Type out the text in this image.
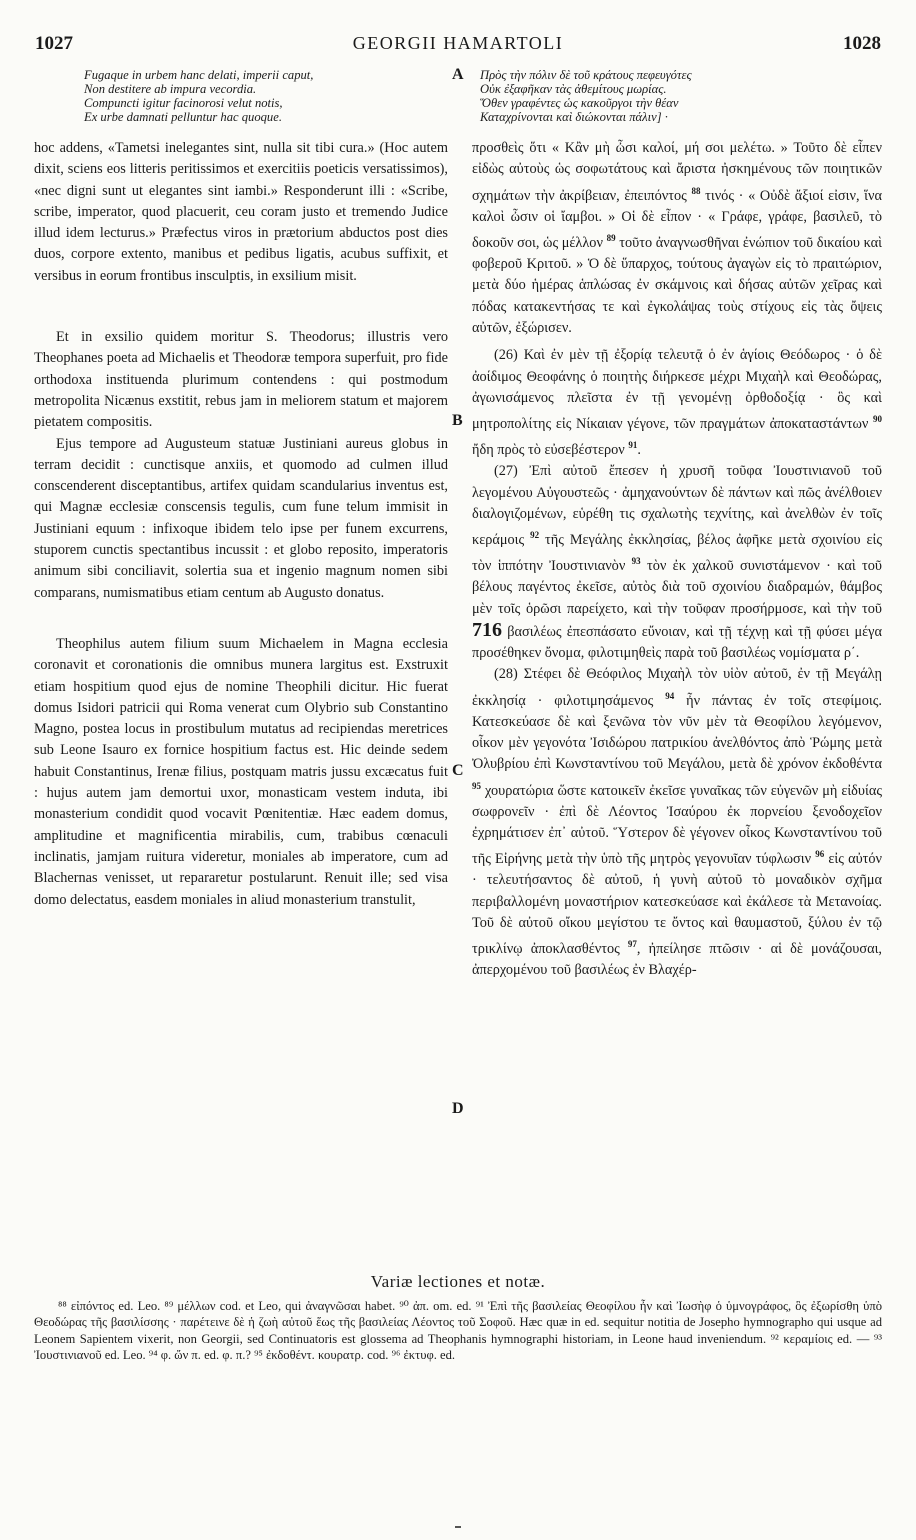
1027	GEORGII HAMARTOLI	1028
A
B
C
D
Fugaque in urbem hanc delati, imperii caput,
Non destitere ab impura vecordia.
Compuncti igitur facinorosi velut notis,
Ex urbe damnati pelluntur hac quoque.

hoc addens, «Tametsi inelegantes sint, nulla sit tibi cura.» (Hoc autem dixit, sciens eos litteris peritissimos et exercitiis poeticis versatissimos), «nec digni sunt ut elegantes sint iambi.» Responderunt illi : «Scribe, scribe, imperator, quod placuerit, ceu coram justo et tremendo Judice illud idem lecturus.» Præfectus viros in prætorium abductos post dies duos, corpore extento, manibus et pedibus ligatis, acubus suffixit, et versibus in eorum frontibus insculptis, in exsilium misit.

Et in exsilio quidem moritur S. Theodorus; illustris vero Theophanes poeta ad Michaelis et Theodoræ tempora superfuit, pro fide orthodoxa instituenda plurimum contendens : qui postmodum metropolita Nicænus exstitit, rebus jam in meliorem statum et majorem pietatem compositis.

Ejus tempore ad Augusteum statuæ Justiniani aureus globus in terram decidit : cunctisque anxiis, et quomodo ad culmen illud conscenderent disceptantibus, artifex quidam scandularius inventus est, qui Magnæ ecclesiæ conscensis tegulis, cum fune telum immisit in Justiniani equum : infixoque ibidem telo ipse per funem excurrens, stuporem cunctis spectantibus incussit : et globo reposito, imperatoris animum sibi conciliavit, solertia sua et ingenio magnum nomen sibi comparans, numismatibus etiam centum ab Augusto donatus.

Theophilus autem filium suum Michaelem in Magna ecclesia coronavit et coronationis die omnibus munera largitus est. Exstruxit etiam hospitium quod ejus de nomine Theophili dicitur. Hic fuerat domus Isidori patricii qui Roma venerat cum Olybrio sub Constantino Magno, postea locus in prostibulum mutatus ad recipiendas meretrices sub Leone Isauro ex fornice hospitium factus est. Hic deinde sedem habuit Constantinus, Irenæ filius, postquam matris jussu excæcatus fuit : hujus autem jam demortui uxor, monasticam vestem induta, ibi monasterium condidit quod vocavit Pœnitentiæ. Hæc eadem domus, amplitudine et magnificentia mirabilis, cum, trabibus cœnaculi inclinatis, jamjam ruitura videretur, moniales ab imperatore, cum ad Blachernas venisset, ut repararetur postularunt. Renuit ille; sed visa domo delectatus, easdem moniales in aliud monasterium transtulit,

Πρὸς τὴν πόλιν δὲ τοῦ κράτους πεφευγότες
Οὐκ ἐξαφῆκαν τὰς ἀθεμίτους μωρίας.
Ὅθεν γραφέντες ὡς κακοῦργοι τὴν θέαν
Καταχρίνονται καὶ διώκονται πάλιν] ·

προσθεὶς ὅτι « Κἂν μὴ ὦσι καλοί, μή σοι μελέτω. » Τοῦτο δὲ εἶπεν εἰδὼς αὐτοὺς ὡς σοφωτάτους καὶ ἄριστα ἠσκημένους τῶν ποιητικῶν σχημάτων τὴν ἀκρίβειαν, ἐπειπόντος $^{88}$ τινός · « Οὐδὲ ἄξιοί εἰσιν, ἵνα καλοὶ ὦσιν οἱ ἴαμβοι. » Οἱ δὲ εἶπον · « Γράφε, γράφε, βασιλεῦ, τὸ δοκοῦν σοι, ὡς μέλλον $^{89}$ τοῦτο ἀναγνωσθῆναι ἐνώπιον τοῦ δικαίου καὶ φοβεροῦ Κριτοῦ. » Ὁ δὲ ὕπαρχος, τούτους ἀγαγὼν εἰς τὸ πραιτώριον, μετὰ δύο ἡμέρας ἁπλώσας ἐν σκάμνοις καὶ δήσας αὐτῶν χεῖρας καὶ πόδας κατακεντήσας τε καὶ ἐγκολάψας τοὺς στίχους εἰς τὰς ὄψεις αὐτῶν, ἐξώρισεν.

(26) Καὶ ἐν μὲν τῇ ἐξορίᾳ τελευτᾷ ὁ ἐν ἁγίοις Θεόδωρος · ὁ δὲ ἀοίδιμος Θεοφάνης ὁ ποιητὴς διήρκεσε μέχρι Μιχαὴλ καὶ Θεοδώρας, ἀγωνισάμενος πλεῖστα ἐν τῇ γενομένῃ ὀρθοδοξίᾳ · ὃς καὶ μητροπολίτης εἰς Νίκαιαν γέγονε, τῶν πραγμάτων ἀποκαταστάντων $^{90}$ ἤδη πρὸς τὸ εὐσεβέστερον $^{91}$.

(27) Ἐπὶ αὐτοῦ ἔπεσεν ἡ χρυσῆ τοῦφα Ἰουστινιανοῦ τοῦ λεγομένου Αὐγουστεῶς · ἀμηχανούντων δὲ πάντων καὶ πῶς ἀνέλθοιεν διαλογιζομένων, εὑρέθη τις σχαλωτὴς τεχνίτης, καὶ ἀνελθὼν ἐν τοῖς κεράμοις $^{92}$ τῆς Μεγάλης ἐκκλησίας, βέλος ἀφῆκε μετὰ σχοινίου εἰς τὸν ἱππότην Ἰουστινιανὸν $^{93}$ τὸν ἐκ χαλκοῦ συνιστάμενον · καὶ τοῦ βέλους παγέντος ἐκεῖσε, αὐτὸς διὰ τοῦ σχοινίου διαδραμών, θάμβος μὲν τοῖς ὁρῶσι παρείχετο, καὶ τὴν τοῦφαν προσήρμοσε, καὶ τὴν τοῦ 716 βασιλέως ἐπεσπάσατο εὔνοιαν, καὶ τῇ τέχνῃ καὶ τῇ φύσει μέγα προσέθηκεν ὄνομα, φιλοτιμηθεὶς παρὰ τοῦ βασιλέως νομίσματα ρ΄.

(28) Στέφει δὲ Θεόφιλος Μιχαὴλ τὸν υἱὸν αὐτοῦ, ἐν τῇ Μεγάλῃ ἐκκλησίᾳ · φιλοτιμησάμενος $^{94}$ ἦν πάντας ἐν τοῖς στεφίμοις. Κατεσκεύασε δὲ καὶ ξενῶνα τὸν νῦν μὲν τὰ Θεοφίλου λεγόμενον, οἶκον μὲν γεγονότα Ἰσιδώρου πατρικίου ἀνελθόντος ἀπὸ Ῥώμης μετὰ Ὀλυβρίου ἐπὶ Κωνσταντίνου τοῦ Μεγάλου, μετὰ δὲ χρόνον ἐκδοθέντα $^{95}$ χουρατώρια ὥστε κατοικεῖν ἐκεῖσε γυναῖκας τῶν εὐγενῶν μὴ εἰδυίας σωφρονεῖν · ἐπὶ δὲ Λέοντος Ἰσαύρου ἐκ πορνείου ξενοδοχεῖον ἐχρημάτισεν ἐπ᾽ αὐτοῦ. Ὕστερον δὲ γέγονεν οἶκος Κωνσταντίνου τοῦ τῆς Εἰρήνης μετὰ τὴν ὑπὸ τῆς μητρὸς γεγονυῖαν τύφλωσιν $^{96}$ εἰς αὐτόν · τελευτήσαντος δὲ αὐτοῦ, ἡ γυνὴ αὐτοῦ τὸ μοναδικὸν σχῆμα περιβαλλομένη μοναστήριον κατεσκεύασε καὶ ἐκάλεσε τὰ Μετανοίας. Τοῦ δὲ αὐτοῦ οἴκου μεγίστου τε ὄντος καὶ θαυμαστοῦ, ξύλου ἐν τῷ τρικλίνῳ ἀποκλασθέντος $^{97}$, ἠπείλησε πτῶσιν · αἱ δὲ μονάζουσαι, ἀπερχομένου τοῦ βασιλέως ἐν Βλαχέρ-

Variæ lectiones et notæ.
⁸⁸ εἰπόντος ed. Leo. ⁸⁹ μέλλων cod. et Leo, qui ἀναγνῶσαι habet. ⁹⁰ ἀπ. om. ed. ⁹¹ Ἐπὶ τῆς βασιλείας Θεοφίλου ἦν καὶ Ἰωσὴφ ὁ ὑμνογράφος, ὃς ἐξωρίσθη ὑπὸ Θεοδώρας τῆς βασιλίσσης · παρέτεινε δὲ ἡ ζωὴ αὐτοῦ ἕως τῆς βασιλείας Λέοντος τοῦ Σοφοῦ. Hæc quæ in ed. sequitur notitia de Josepho hymnographo qui usque ad Leonem Sapientem vixerit, non Georgii, sed Continuatoris est glossema ad Theophanis hymnographi historiam, in Leone haud inveniendum. ⁹² κεραμίοις ed. — ⁹³ Ἰουστινιανοῦ ed. Leo. ⁹⁴ φ. ὤν π. ed. φ. π.? ⁹⁵ ἐκδοθέντ. κουρατρ. cod. ⁹⁶ ἐκτυφ. ed.
